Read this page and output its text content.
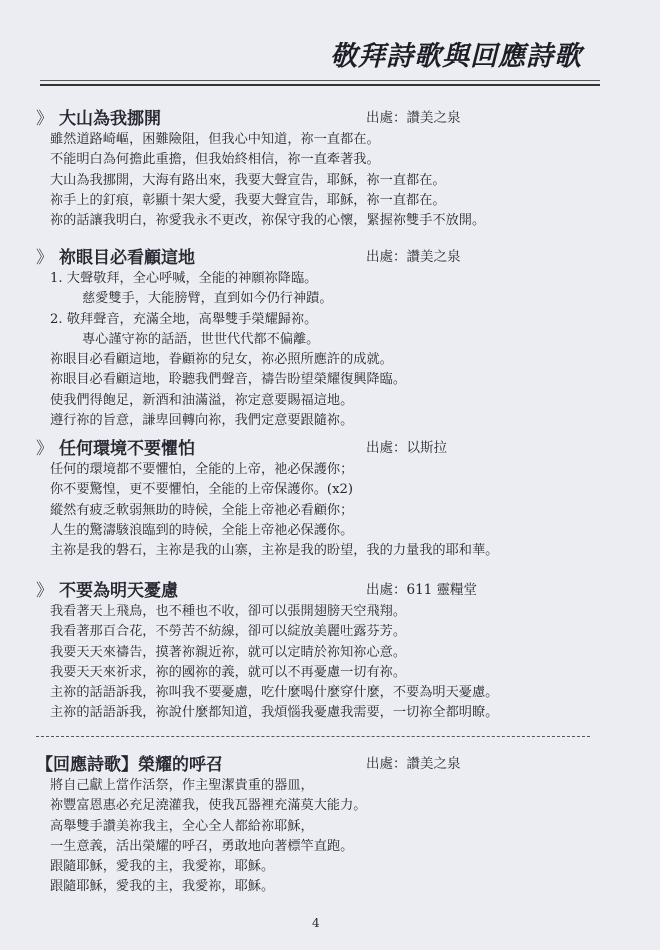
敬拜詩歌與回應詩歌
》 大山為我挪開	出處：讚美之泉
雖然道路崎嶇，困難險阻，但我心中知道，祢一直都在。
不能明白為何擔此重擔，但我始終相信，祢一直牽著我。
大山為我挪開，大海有路出來，我要大聲宣告，耶穌，祢一直都在。
祢手上的釘痕，彰顯十架大愛，我要大聲宣告，耶穌，祢一直都在。
祢的話讓我明白，祢愛我永不更改，祢保守我的心懷，緊握祢雙手不放開。
》 祢眼目必看顧這地	出處：讚美之泉
1. 大聲敬拜，全心呼喊，全能的神願祢降臨。
慈愛雙手，大能膀臂，直到如今仍行神蹟。
2. 敬拜聲音，充滿全地，高舉雙手榮耀歸祢。
專心謹守祢的話語，世世代代都不偏離。
祢眼目必看顧這地，眷顧祢的兒女，祢必照所應許的成就。
祢眼目必看顧這地，聆聽我們聲音，禱告盼望榮耀復興降臨。
使我們得飽足，新酒和油滿溢，祢定意要賜福這地。
遵行祢的旨意，謙卑回轉向祢，我們定意要跟隨祢。
》 任何環境不要懼怕	出處：以斯拉
任何的環境都不要懼怕，全能的上帝，祂必保護你；
你不要驚惶，更不要懼怕，全能的上帝保護你。(x2)
縱然有疲乏軟弱無助的時候，全能上帝祂必看顧你；
人生的驚濤駭浪臨到的時候，全能上帝祂必保護你。
主祢是我的磐石，主祢是我的山寨，主祢是我的盼望，我的力量我的耶和華。
》 不要為明天憂慮	出處：611 靈糧堂
我看著天上飛鳥，也不種也不收，卻可以張開翅膀天空飛翔。
我看著那百合花，不勞苦不紡線，卻可以綻放美麗吐露芬芳。
我要天天來禱告，摸著祢親近祢，就可以定睛於祢知祢心意。
我要天天來祈求，祢的國祢的義，就可以不再憂慮一切有祢。
主祢的話語訴我，祢叫我不要憂慮，吃什麼喝什麼穿什麼，不要為明天憂慮。
主祢的話語訴我，祢說什麼都知道，我煩惱我憂慮我需要，一切祢全都明瞭。
【回應詩歌】榮耀的呼召	出處：讚美之泉
將自己獻上當作活祭，作主聖潔貴重的器皿，
祢豐富恩惠必充足澆灌我，使我瓦器裡充滿莫大能力。
高舉雙手讚美祢我主，全心全人都給祢耶穌，
一生意義，活出榮耀的呼召，勇敢地向著標竿直跑。
跟隨耶穌，愛我的主，我愛祢，耶穌。
跟隨耶穌，愛我的主，我愛祢，耶穌。
4
